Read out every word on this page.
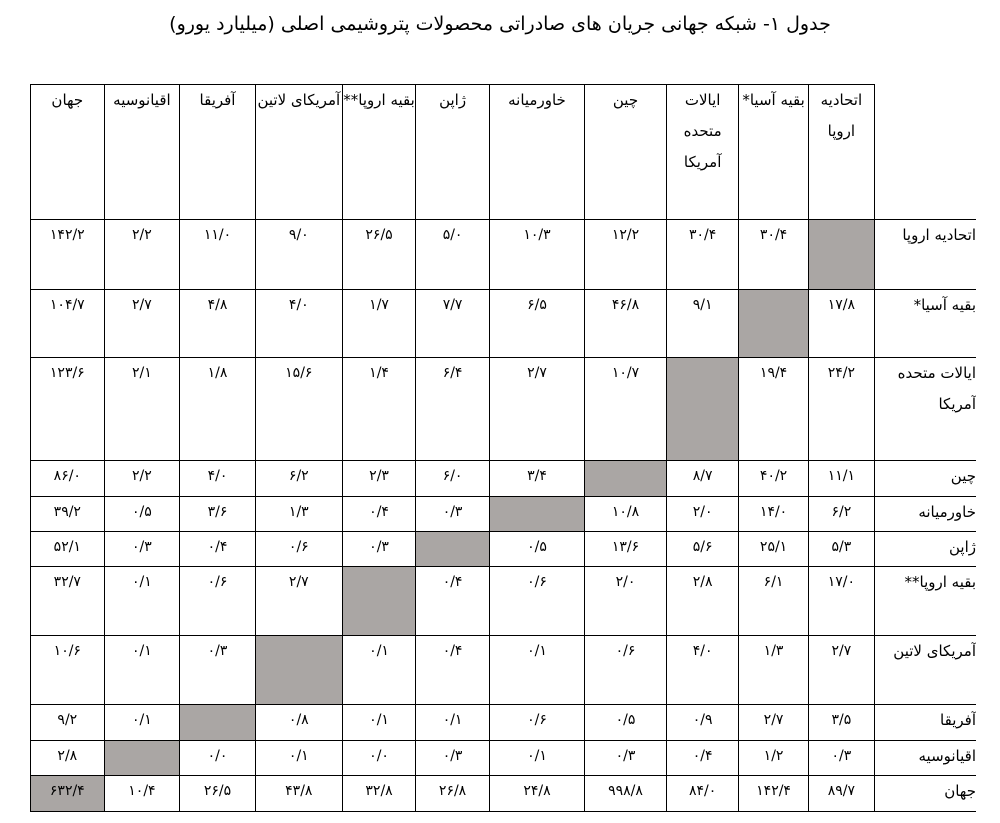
جدول ۱- شبکه جهانی جریان های صادراتی محصولات پتروشیمی اصلی (میلیارد یورو)

	اتحادیه اروپا	بقیه آسیا*	ایالات متحده آمریکا	چین	خاورمیانه	ژاپن	بقیه اروپا**	آمریکای لاتین	آفریقا	اقیانوسیه	جهان

اتحادیه اروپا		۳۰/۴	۳۰/۴	۱۲/۲	۱۰/۳	۵/۰	۲۶/۵	۹/۰	۱۱/۰	۲/۲	۱۴۲/۲
بقیه آسیا*	۱۷/۸		۹/۱	۴۶/۸	۶/۵	۷/۷	۱/۷	۴/۰	۴/۸	۲/۷	۱۰۴/۷
ایالات متحده آمریکا	۲۴/۲	۱۹/۴		۱۰/۷	۲/۷	۶/۴	۱/۴	۱۵/۶	۱/۸	۲/۱	۱۲۳/۶
چین	۱۱/۱	۴۰/۲	۸/۷		۳/۴	۶/۰	۲/۳	۶/۲	۴/۰	۲/۲	۸۶/۰
خاورمیانه	۶/۲	۱۴/۰	۲/۰	۱۰/۸		۰/۳	۰/۴	۱/۳	۳/۶	۰/۵	۳۹/۲
ژاپن	۵/۳	۲۵/۱	۵/۶	۱۳/۶	۰/۵		۰/۳	۰/۶	۰/۴	۰/۳	۵۲/۱
بقیه اروپا**	۱۷/۰	۶/۱	۲/۸	۲/۰	۰/۶	۰/۴		۲/۷	۰/۶	۰/۱	۳۲/۷
آمریکای لاتین	۲/۷	۱/۳	۴/۰	۰/۶	۰/۱	۰/۴	۰/۱		۰/۳	۰/۱	۱۰/۶
آفریقا	۳/۵	۲/۷	۰/۹	۰/۵	۰/۶	۰/۱	۰/۱	۰/۸		۰/۱	۹/۲
اقیانوسیه	۰/۳	۱/۲	۰/۴	۰/۳	۰/۱	۰/۳	۰/۰	۰/۱	۰/۰		۲/۸
جهان	۸۹/۷	۱۴۲/۴	۸۴/۰	۹۹۸/۸	۲۴/۸	۲۶/۸	۳۲/۸	۴۳/۸	۲۶/۵	۱۰/۴	۶۳۲/۴
